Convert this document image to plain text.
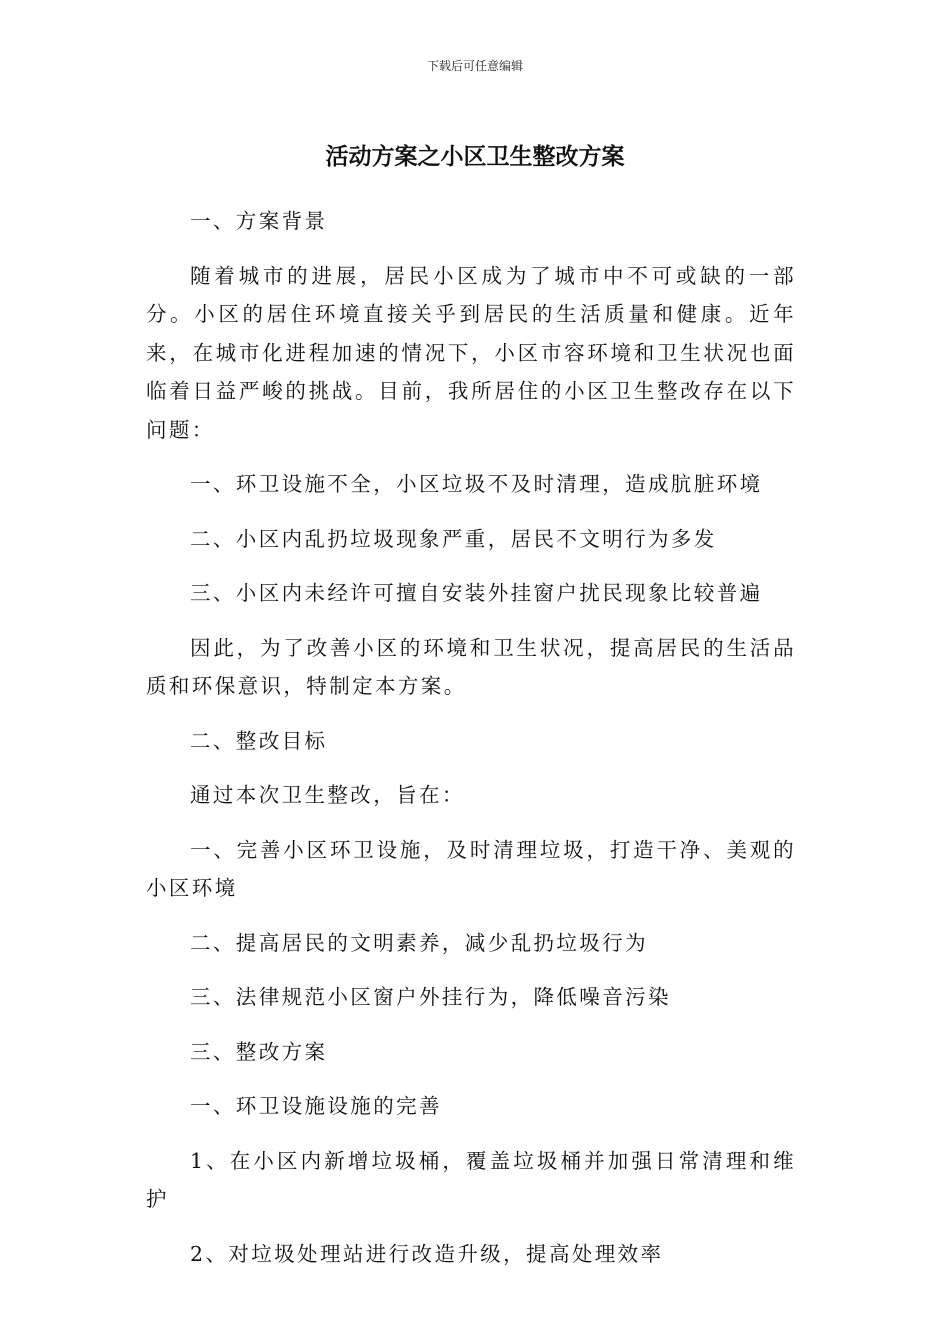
下载后可任意编辑
活动方案之小区卫生整改方案

一、方案背景

随着城市的进展，居民小区成为了城市中不可或缺的一部分。小区的居住环境直接关乎到居民的生活质量和健康。近年来，在城市化进程加速的情况下，小区市容环境和卫生状况也面临着日益严峻的挑战。目前，我所居住的小区卫生整改存在以下问题：

一、环卫设施不全，小区垃圾不及时清理，造成肮脏环境

二、小区内乱扔垃圾现象严重，居民不文明行为多发

三、小区内未经许可擅自安装外挂窗户扰民现象比较普遍

因此，为了改善小区的环境和卫生状况，提高居民的生活品质和环保意识，特制定本方案。

二、整改目标

通过本次卫生整改，旨在：

一、完善小区环卫设施，及时清理垃圾，打造干净、美观的小区环境

二、提高居民的文明素养，减少乱扔垃圾行为

三、法律规范小区窗户外挂行为，降低噪音污染

三、整改方案

一、环卫设施设施的完善

1、在小区内新增垃圾桶，覆盖垃圾桶并加强日常清理和维护

2、对垃圾处理站进行改造升级，提高处理效率
